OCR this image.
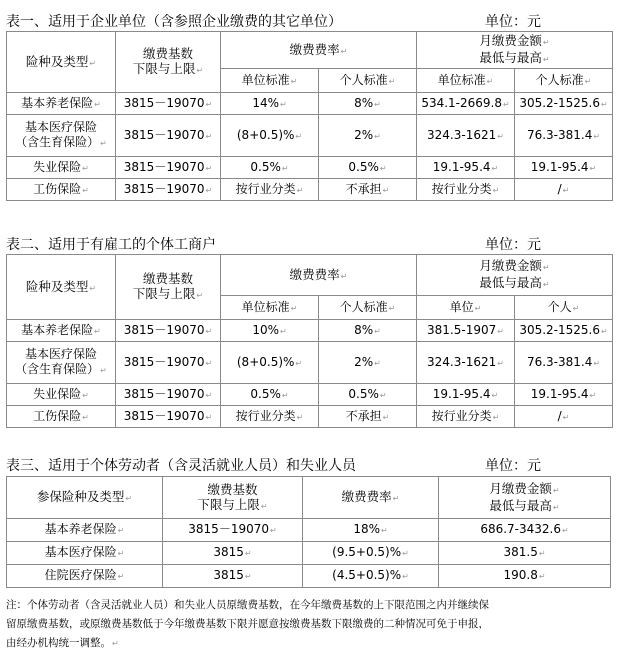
表一、适用于企业单位（含参照企业缴费的其它单位）	单位：元
险种及类型 ↵	缴费基数
下限与上限 ↵	缴费费率 ↵		月缴费金额 ↵
最低与最高 ↵
		单位标准 ↵	个人标准 ↵	单位标准 ↵	个人标准 ↵
基本养老保险 ↵	3815－19070 ↵	14% ↵	8% ↵	534.1-2669.8 ↵	305.2-1525.6 ↵
基本医疗保险
（含生育保险） ↵	3815－19070 ↵	(8+0.5)% ↵	2% ↵	324.3-1621 ↵	76.3-381.4 ↵
失业保险 ↵	3815－19070 ↵	0.5% ↵	0.5% ↵	19.1-95.4 ↵	19.1-95.4 ↵
工伤保险 ↵	3815－19070 ↵	按行业分类 ↵	不承担 ↵	按行业分类 ↵	/ ↵
表二、适用于有雇工的个体工商户	单位：元
险种及类型 ↵	缴费基数
下限与上限 ↵	缴费费率 ↵		月缴费金额 ↵
最低与最高 ↵
		单位标准 ↵	个人标准 ↵	单位 ↵	个人 ↵
基本养老保险 ↵	3815－19070 ↵	10% ↵	8% ↵	381.5-1907 ↵	305.2-1525.6 ↵
基本医疗保险
（含生育保险） ↵	3815－19070 ↵	(8+0.5)% ↵	2% ↵	324.3-1621 ↵	76.3-381.4 ↵
失业保险 ↵	3815－19070 ↵	0.5% ↵	0.5% ↵	19.1-95.4 ↵	19.1-95.4 ↵
工伤保险 ↵	3815－19070 ↵	按行业分类 ↵	不承担 ↵	按行业分类 ↵	/ ↵
表三、适用于个体劳动者（含灵活就业人员）和失业人员	单位：元
参保险种及类型 ↵	缴费基数
下限与上限 ↵	缴费费率 ↵	月缴费金额 ↵
最低与最高 ↵
基本养老保险 ↵	3815－19070 ↵	18% ↵	686.7-3432.6 ↵
基本医疗保险 ↵	3815 ↵	(9.5+0.5)% ↵	381.5 ↵
住院医疗保险 ↵	3815 ↵	(4.5+0.5)% ↵	190.8 ↵
注：个体劳动者（含灵活就业人员）和失业人员原缴费基数，在今年缴费基数的上下限范围之内并继续保
留原缴费基数，或原缴费基数低于今年缴费基数下限并愿意按缴费基数下限缴费的二种情况可免于申报，
由经办机构统一调整。 ↵
